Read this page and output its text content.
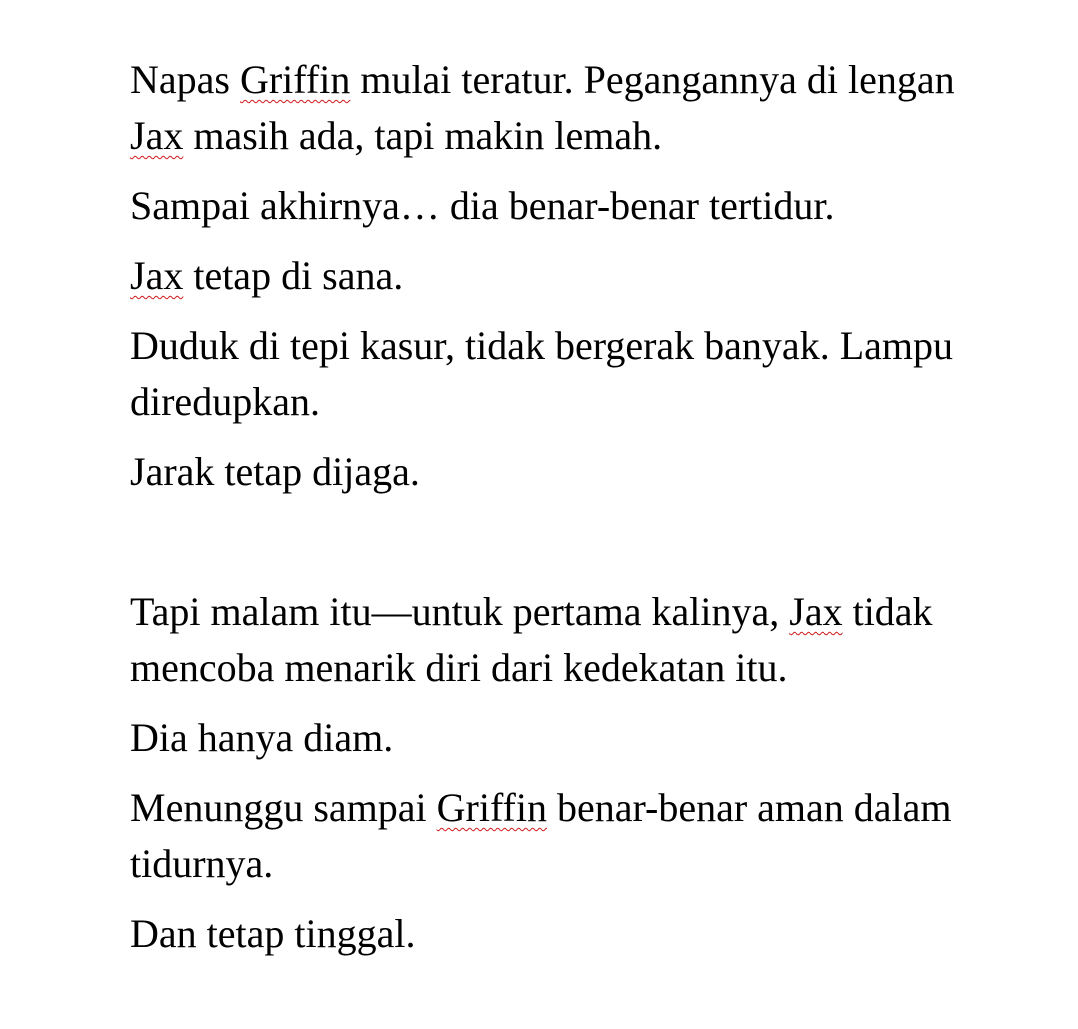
Napas Griffin mulai teratur. Pegangannya di lengan Jax masih ada, tapi makin lemah.

Sampai akhirnya… dia benar-benar tertidur.

Jax tetap di sana.

Duduk di tepi kasur, tidak bergerak banyak. Lampu diredupkan.

Jarak tetap dijaga.

Tapi malam itu—untuk pertama kalinya, Jax tidak mencoba menarik diri dari kedekatan itu.

Dia hanya diam.

Menunggu sampai Griffin benar-benar aman dalam tidurnya.

Dan tetap tinggal.
